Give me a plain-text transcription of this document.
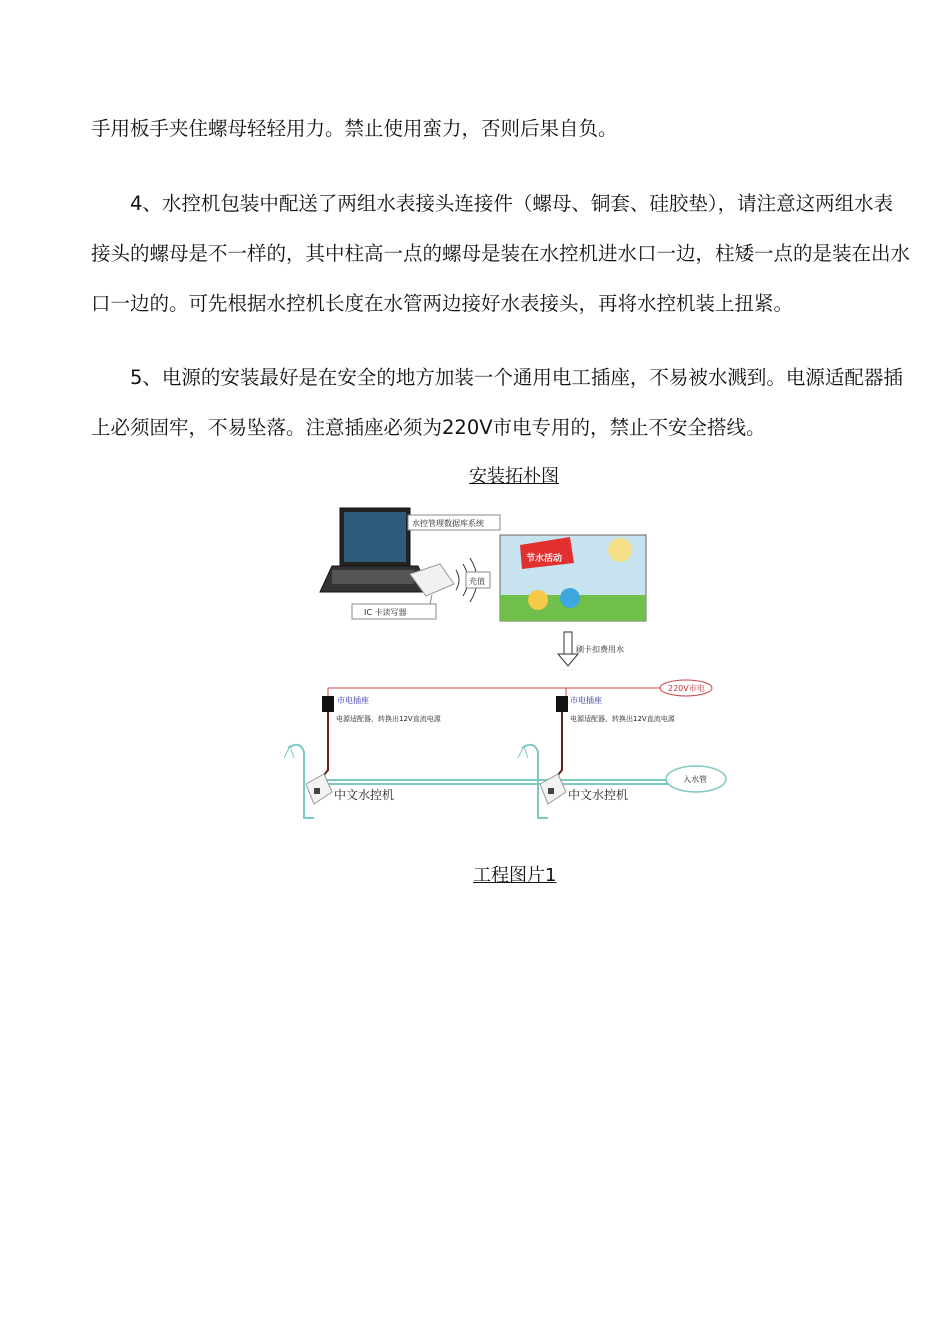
手用板手夹住螺母轻轻用力。禁止使用蛮力，否则后果自负。
4、水控机包装中配送了两组水表接头连接件（螺母、铜套、硅胶垫），请注意这两组水表
接头的螺母是不一样的，其中柱高一点的螺母是装在水控机进水口一边，柱矮一点的是装在出水
口一边的。可先根据水控机长度在水管两边接好水表接头，再将水控机装上扭紧。
5、电源的安装最好是在安全的地方加装一个通用电工插座，不易被水溅到。电源适配器插
上必须固牢，不易坠落。注意插座必须为220V市电专用的，禁止不安全搭线。
安装拓朴图
水控管理数据库系统
IC 卡读写器
充值
节水活动
刷卡扣费用水
220V市电
市电插座
电源适配器，转换出12V直流电源
市电插座
电源适配器，转换出12V直流电源
入水管
中文水控机	中文水控机
工程图片1
